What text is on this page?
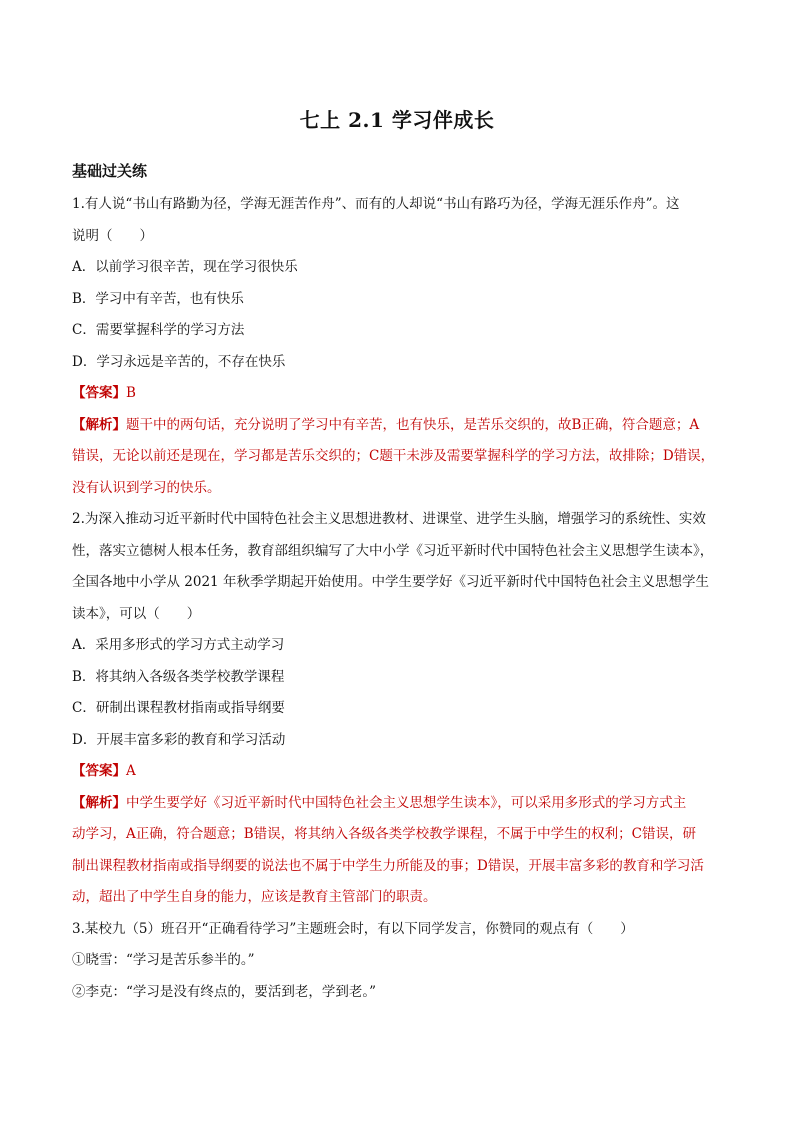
七上 2.1 学习伴成长
基础过关练
1.有人说“书山有路勤为径，学海无涯苦作舟”、而有的人却说“书山有路巧为径，学海无涯乐作舟”。这
说明（　　）
A．以前学习很辛苦，现在学习很快乐
B．学习中有辛苦，也有快乐
C．需要掌握科学的学习方法
D．学习永远是辛苦的，不存在快乐
【答案】B
【解析】题干中的两句话，充分说明了学习中有辛苦，也有快乐，是苦乐交织的，故B正确，符合题意；A
错误，无论以前还是现在，学习都是苦乐交织的；C题干未涉及需要掌握科学的学习方法，故排除；D错误，
没有认识到学习的快乐。
2.为深入推动习近平新时代中国特色社会主义思想进教材、进课堂、进学生头脑，增强学习的系统性、实效
性，落实立德树人根本任务，教育部组织编写了大中小学《习近平新时代中国特色社会主义思想学生读本》，
全国各地中小学从 2021 年秋季学期起开始使用。中学生要学好《习近平新时代中国特色社会主义思想学生
读本》，可以（　　）
A．采用多形式的学习方式主动学习
B．将其纳入各级各类学校教学课程
C．研制出课程教材指南或指导纲要
D．开展丰富多彩的教育和学习活动
【答案】A
【解析】中学生要学好《习近平新时代中国特色社会主义思想学生读本》，可以采用多形式的学习方式主
动学习，A正确，符合题意；B错误，将其纳入各级各类学校教学课程，不属于中学生的权利；C错误，研
制出课程教材指南或指导纲要的说法也不属于中学生力所能及的事；D错误，开展丰富多彩的教育和学习活
动，超出了中学生自身的能力，应该是教育主管部门的职责。
3.某校九（5）班召开“正确看待学习”主题班会时，有以下同学发言，你赞同的观点有（　　）
①晓雪：“学习是苦乐参半的。”
②李克：“学习是没有终点的，要活到老，学到老。”
